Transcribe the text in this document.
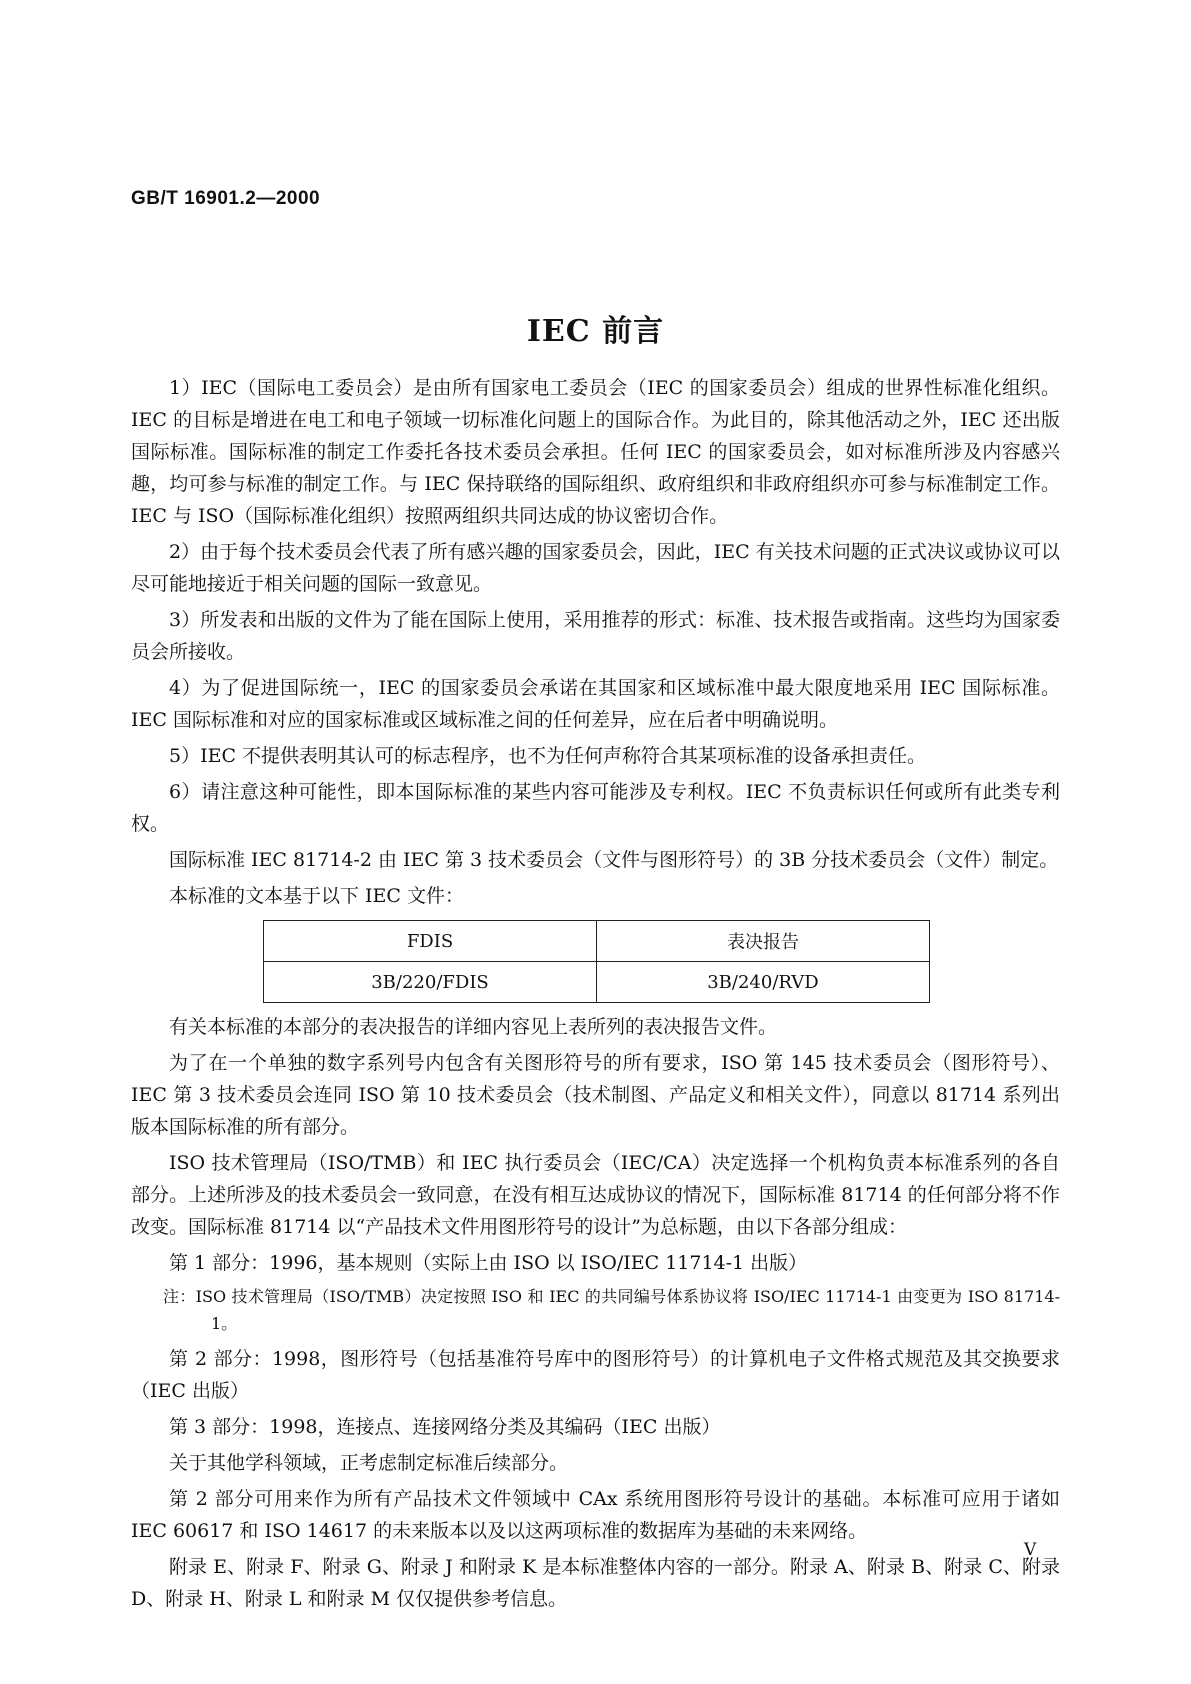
GB/T 16901.2—2000
IEC 前言

1）IEC（国际电工委员会）是由所有国家电工委员会（IEC 的国家委员会）组成的世界性标准化组织。IEC 的目标是增进在电工和电子领域一切标准化问题上的国际合作。为此目的，除其他活动之外，IEC 还出版国际标准。国际标准的制定工作委托各技术委员会承担。任何 IEC 的国家委员会，如对标准所涉及内容感兴趣，均可参与标准的制定工作。与 IEC 保持联络的国际组织、政府组织和非政府组织亦可参与标准制定工作。IEC 与 ISO（国际标准化组织）按照两组织共同达成的协议密切合作。

2）由于每个技术委员会代表了所有感兴趣的国家委员会，因此，IEC 有关技术问题的正式决议或协议可以尽可能地接近于相关问题的国际一致意见。

3）所发表和出版的文件为了能在国际上使用，采用推荐的形式：标准、技术报告或指南。这些均为国家委员会所接收。

4）为了促进国际统一，IEC 的国家委员会承诺在其国家和区域标准中最大限度地采用 IEC 国际标准。IEC 国际标准和对应的国家标准或区域标准之间的任何差异，应在后者中明确说明。

5）IEC 不提供表明其认可的标志程序，也不为任何声称符合其某项标准的设备承担责任。

6）请注意这种可能性，即本国际标准的某些内容可能涉及专利权。IEC 不负责标识任何或所有此类专利权。

国际标准 IEC 81714-2 由 IEC 第 3 技术委员会（文件与图形符号）的 3B 分技术委员会（文件）制定。

本标准的文本基于以下 IEC 文件：

FDIS	表决报告
3B/220/FDIS	3B/240/RVD

有关本标准的本部分的表决报告的详细内容见上表所列的表决报告文件。

为了在一个单独的数字系列号内包含有关图形符号的所有要求，ISO 第 145 技术委员会（图形符号）、IEC 第 3 技术委员会连同 ISO 第 10 技术委员会（技术制图、产品定义和相关文件），同意以 81714 系列出版本国际标准的所有部分。

ISO 技术管理局（ISO/TMB）和 IEC 执行委员会（IEC/CA）决定选择一个机构负责本标准系列的各自部分。上述所涉及的技术委员会一致同意，在没有相互达成协议的情况下，国际标准 81714 的任何部分将不作改变。国际标准 81714 以“产品技术文件用图形符号的设计”为总标题，由以下各部分组成：

第 1 部分：1996，基本规则（实际上由 ISO 以 ISO/IEC 11714-1 出版）

注：ISO 技术管理局（ISO/TMB）决定按照 ISO 和 IEC 的共同编号体系协议将 ISO/IEC 11714-1 由变更为 ISO 81714-1。

第 2 部分：1998，图形符号（包括基准符号库中的图形符号）的计算机电子文件格式规范及其交换要求（IEC 出版）

第 3 部分：1998，连接点、连接网络分类及其编码（IEC 出版）

关于其他学科领域，正考虑制定标准后续部分。

第 2 部分可用来作为所有产品技术文件领域中 CAx 系统用图形符号设计的基础。本标准可应用于诸如 IEC 60617 和 ISO 14617 的未来版本以及以这两项标准的数据库为基础的未来网络。

附录 E、附录 F、附录 G、附录 J 和附录 K 是本标准整体内容的一部分。附录 A、附录 B、附录 C、附录 D、附录 H、附录 L 和附录 M 仅仅提供参考信息。

V
